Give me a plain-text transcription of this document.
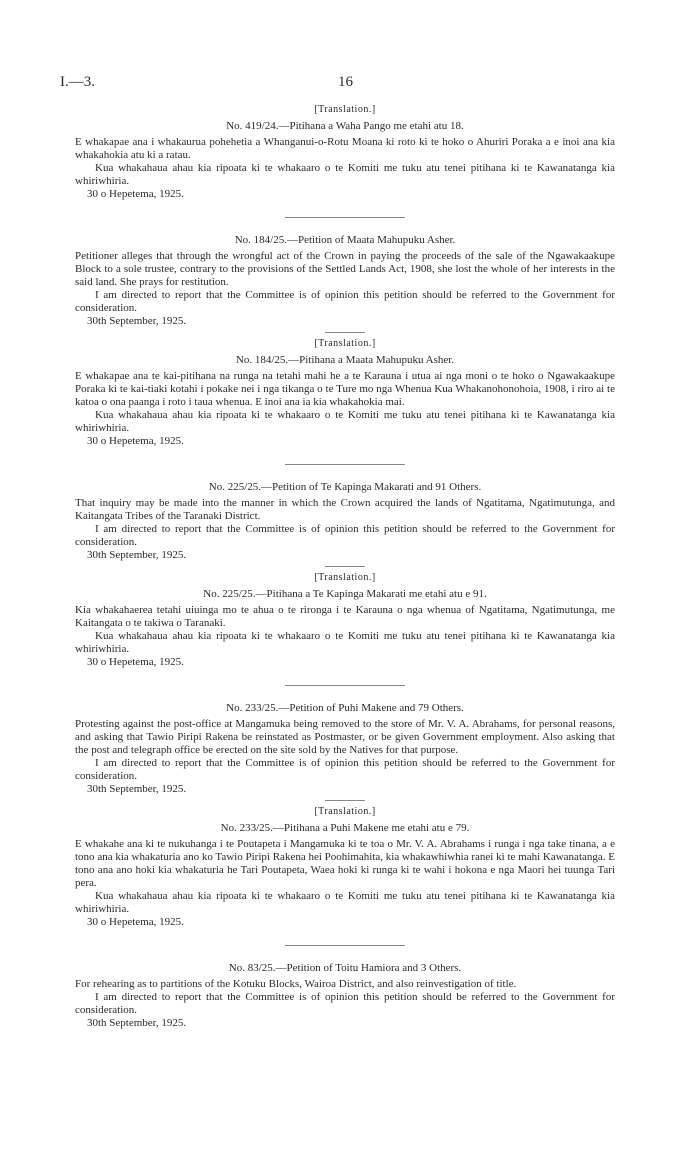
I.—3.	16
[Translation.]
No. 419/24.—Pitihana a Waha Pango me etahi atu 18.

E whakapae ana i whakaurua pohehetia a Whanganui-o-Rotu Moana ki roto ki te hoko o Ahuriri Poraka a e inoi ana kia whakahokia atu ki a ratau.

Kua whakahaua ahau kia ripoata ki te whakaaro o te Komiti me tuku atu tenei pitihana ki te Kawanatanga kia whiriwhiria.

30 o Hepetema, 1925.
No. 184/25.—Petition of Maata Mahupuku Asher.

Petitioner alleges that through the wrongful act of the Crown in paying the proceeds of the sale of the Ngawakaakupe Block to a sole trustee, contrary to the provisions of the Settled Lands Act, 1908, she lost the whole of her interests in the said land. She prays for restitution.

I am directed to report that the Committee is of opinion this petition should be referred to the Government for consideration.

30th September, 1925.
[Translation.]
No. 184/25.—Pitihana a Maata Mahupuku Asher.

E whakapae ana te kai-pitihana na runga na tetahi mahi he a te Karauna i utua ai nga moni o te hoko o Ngawakaakupe Poraka ki te kai-tiaki kotahi i pokake nei i nga tikanga o te Ture mo nga Whenua Kua Whakanohonohoia, 1908, i riro ai te katoa o ona paanga i roto i taua whenua. E inoi ana ia kia whakahokia mai.

Kua whakahaua ahau kia ripoata ki te whakaaro o te Komiti me tuku atu tenei pitihana ki te Kawanatanga kia whiriwhiria.

30 o Hepetema, 1925.
No. 225/25.—Petition of Te Kapinga Makarati and 91 Others.

That inquiry may be made into the manner in which the Crown acquired the lands of Ngatitama, Ngatimutunga, and Kaitangata Tribes of the Taranaki District.

I am directed to report that the Committee is of opinion this petition should be referred to the Government for consideration.

30th September, 1925.
[Translation.]
No. 225/25.—Pitihana a Te Kapinga Makarati me etahi atu e 91.

Kia whakahaerea tetahi uiuinga mo te ahua o te rironga i te Karauna o nga whenua of Ngatitama, Ngatimutunga, me Kaitangata o te takiwa o Taranaki.

Kua whakahaua ahau kia ripoata ki te whakaaro o te Komiti me tuku atu tenei pitihana ki te Kawanatanga kia whiriwhiria.

30 o Hepetema, 1925.
No. 233/25.—Petition of Puhi Makene and 79 Others.

Protesting against the post-office at Mangamuka being removed to the store of Mr. V. A. Abrahams, for personal reasons, and asking that Tawio Piripi Rakena be reinstated as Postmaster, or be given Government employment. Also asking that the post and telegraph office be erected on the site sold by the Natives for that purpose.

I am directed to report that the Committee is of opinion this petition should be referred to the Government for consideration.

30th September, 1925.
[Translation.]
No. 233/25.—Pitihana a Puhi Makene me etahi atu e 79.

E whakahe ana ki te nukuhanga i te Poutapeta i Mangamuka ki te toa o Mr. V. A. Abrahams i runga i nga take tinana, a e tono ana kia whakaturia ano ko Tawio Piripi Rakena hei Poohimahita, kia whakawhiwhia ranei ki te mahi Kawanatanga. E tono ana ano hoki kia whakaturia he Tari Poutapeta, Waea hoki ki runga ki te wahi i hokona e nga Maori hei tuunga Tari pera.

Kua whakahaua ahau kia ripoata ki te whakaaro o te Komiti me tuku atu tenei pitihana ki te Kawanatanga kia whiriwhiria.

30 o Hepetema, 1925.
No. 83/25.—Petition of Toitu Hamiora and 3 Others.

For rehearing as to partitions of the Kotuku Blocks, Wairoa District, and also reinvestigation of title.

I am directed to report that the Committee is of opinion this petition should be referred to the Government for consideration.

30th September, 1925.
